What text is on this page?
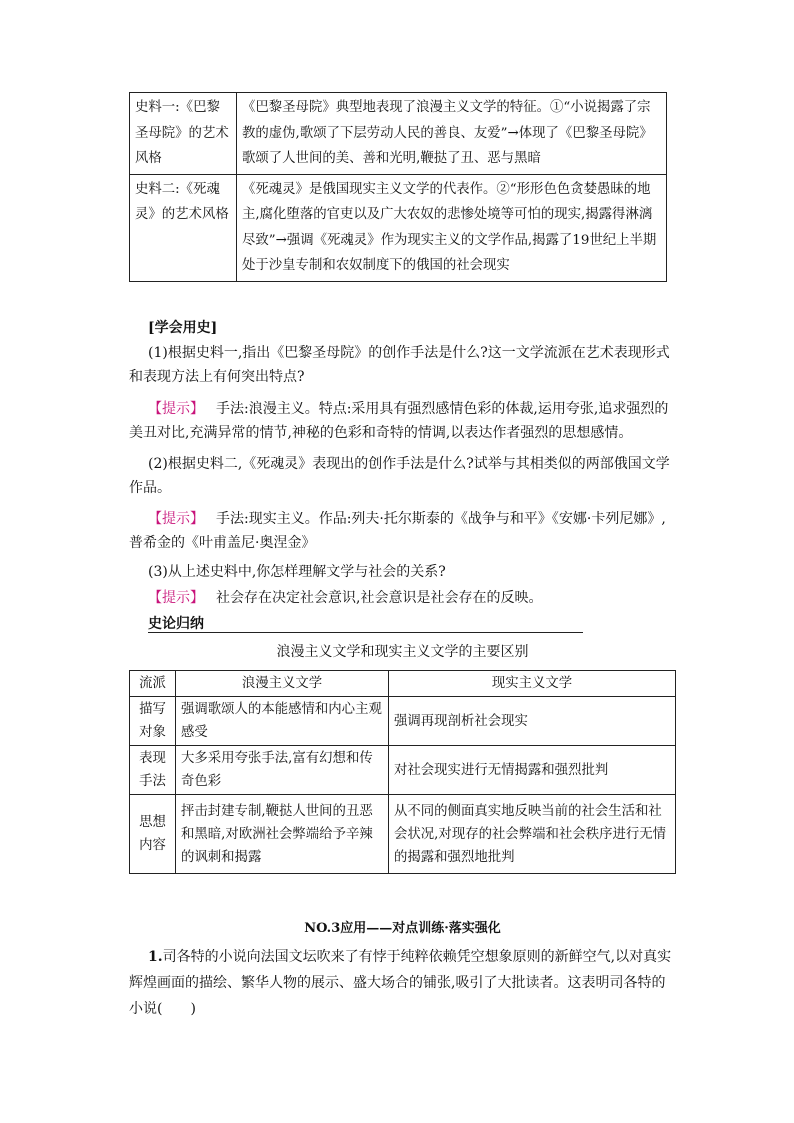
史料一:《巴黎圣母院》的艺术风格	《巴黎圣母院》典型地表现了浪漫主义文学的特征。①“小说揭露了宗教的虚伪,歌颂了下层劳动人民的善良、友爱”→体现了《巴黎圣母院》歌颂了人世间的美、善和光明,鞭挞了丑、恶与黑暗
史料二:《死魂灵》的艺术风格	《死魂灵》是俄国现实主义文学的代表作。②“形形色色贪婪愚昧的地主,腐化堕落的官吏以及广大农奴的悲惨处境等可怕的现实,揭露得淋漓尽致”→强调《死魂灵》作为现实主义的文学作品,揭露了19世纪上半期处于沙皇专制和农奴制度下的俄国的社会现实
[学会用史]
(1)根据史料一,指出《巴黎圣母院》的创作手法是什么?这一文学流派在艺术表现形式和表现方法上有何突出特点?
【提示】 手法:浪漫主义。特点:采用具有强烈感情色彩的体裁,运用夸张,追求强烈的美丑对比,充满异常的情节,神秘的色彩和奇特的情调,以表达作者强烈的思想感情。
(2)根据史料二,《死魂灵》表现出的创作手法是什么?试举与其相类似的两部俄国文学作品。
【提示】 手法:现实主义。作品:列夫·托尔斯泰的《战争与和平》《安娜·卡列尼娜》,普希金的《叶甫盖尼·奥涅金》
(3)从上述史料中,你怎样理解文学与社会的关系?
【提示】 社会存在决定社会意识,社会意识是社会存在的反映。
史论归纳
浪漫主义文学和现实主义文学的主要区别
流派	浪漫主义文学	现实主义文学
描写对象	强调歌颂人的本能感情和内心主观感受	强调再现剖析社会现实
表现手法	大多采用夸张手法,富有幻想和传奇色彩	对社会现实进行无情揭露和强烈批判
思想内容	抨击封建专制,鞭挞人世间的丑恶和黑暗,对欧洲社会弊端给予辛辣的讽刺和揭露	从不同的侧面真实地反映当前的社会生活和社会状况,对现存的社会弊端和社会秩序进行无情的揭露和强烈地批判
NO.3应用——对点训练·落实强化
1.司各特的小说向法国文坛吹来了有悖于纯粹依赖凭空想象原则的新鲜空气,以对真实辉煌画面的描绘、繁华人物的展示、盛大场合的铺张,吸引了大批读者。这表明司各特的小说(　　)
